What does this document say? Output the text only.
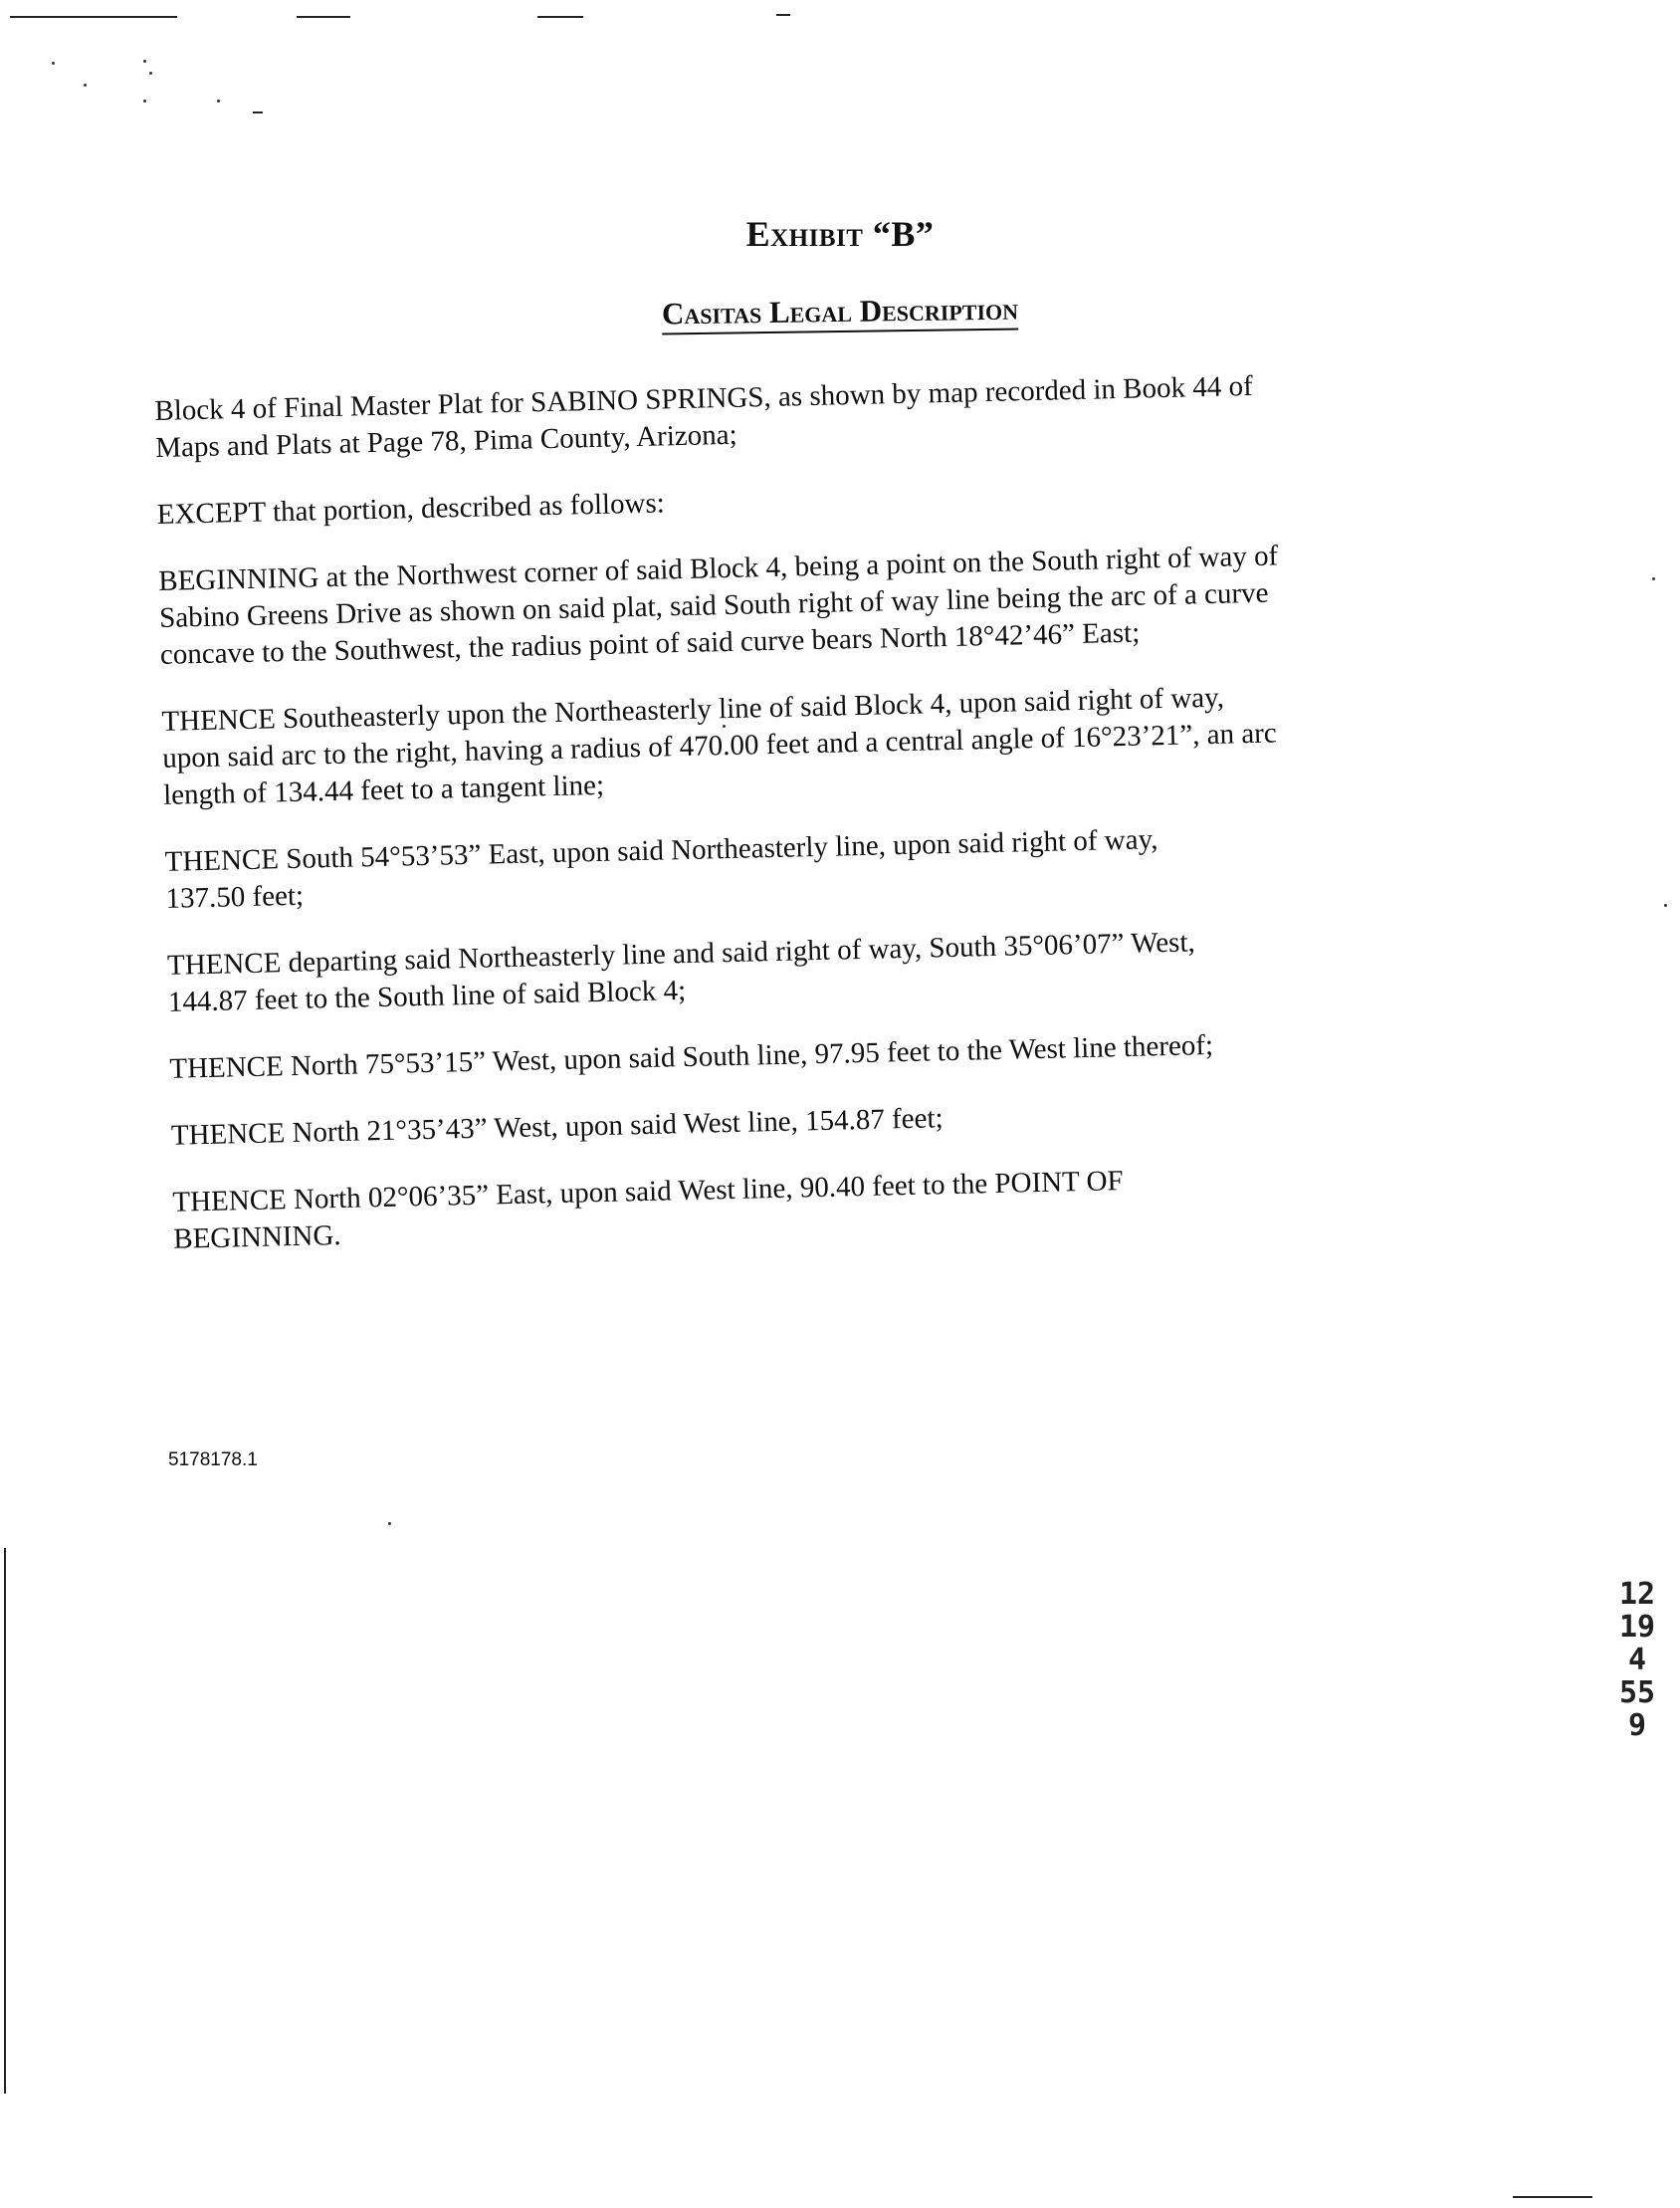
Exhibit “B”
Casitas Legal Description

Block 4 of Final Master Plat for SABINO SPRINGS, as shown by map recorded in Book 44 of
Maps and Plats at Page 78, Pima County, Arizona;

EXCEPT that portion, described as follows:

BEGINNING at the Northwest corner of said Block 4, being a point on the South right of way of
Sabino Greens Drive as shown on said plat, said South right of way line being the arc of a curve
concave to the Southwest, the radius point of said curve bears North 18°42’46” East;

THENCE Southeasterly upon the Northeasterly line of said Block 4, upon said right of way,
upon said arc to the right, having a radius of 470.00 feet and a central angle of 16°23’21”, an arc
length of 134.44 feet to a tangent line;

THENCE South 54°53’53” East, upon said Northeasterly line, upon said right of way,
137.50 feet;

THENCE departing said Northeasterly line and said right of way, South 35°06’07” West,
144.87 feet to the South line of said Block 4;

THENCE North 75°53’15” West, upon said South line, 97.95 feet to the West line thereof;

THENCE North 21°35’43” West, upon said West line, 154.87 feet;

THENCE North 02°06’35” East, upon said West line, 90.40 feet to the POINT OF
BEGINNING.

5178178.1
12194 559
